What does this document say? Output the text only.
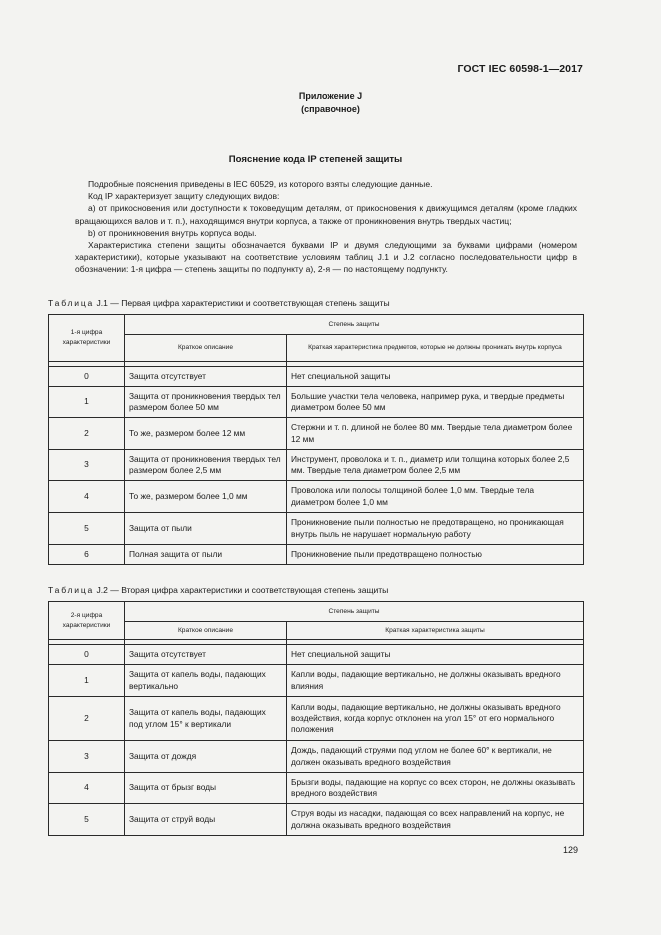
ГОСТ IEC 60598-1—2017
Приложение J
(справочное)
Пояснение кода IP степеней защиты

Подробные пояснения приведены в IEC 60529, из которого взяты следующие данные.

Код IP характеризует защиту следующих видов:

а) от прикосновения или доступности к токоведущим деталям, от прикосновения к движущимся деталям (кроме гладких вращающихся валов и т. п.), находящимся внутри корпуса, а также от проникновения внутрь твердых частиц;

b) от проникновения внутрь корпуса воды.

Характеристика степени защиты обозначается буквами IP и двумя следующими за буквами цифрами (номером характеристики), которые указывают на соответствие условиям таблиц J.1 и J.2 согласно последовательности цифр в обозначении: 1-я цифра — степень защиты по подпункту а), 2-я — по настоящему подпункту.

Таблица J.1 — Первая цифра характеристики и соответствующая степень защиты
1-я цифра характеристики	Степень защиты	
	Краткое описание	Краткая характеристика предметов, которые не должны проникать внутрь корпуса

0	Защита отсутствует	Нет специальной защиты
1	Защита от проникновения твердых тел размером более 50 мм	Большие участки тела человека, например рука, и твердые предметы диаметром более 50 мм
2	То же, размером более 12 мм	Стержни и т. п. длиной не более 80 мм. Твердые тела диаметром более 12 мм
3	Защита от проникновения твердых тел размером более 2,5 мм	Инструмент, проволока и т. п., диаметр или толщина которых более 2,5 мм. Твердые тела диаметром более 2,5 мм
4	То же, размером более 1,0 мм	Проволока или полосы толщиной более 1,0 мм. Твердые тела диаметром более 1,0 мм
5	Защита от пыли	Проникновение пыли полностью не предотвращено, но проникающая внутрь пыль не нарушает нормальную работу
6	Полная защита от пыли	Проникновение пыли предотвращено полностью
Таблица J.2 — Вторая цифра характеристики и соответствующая степень защиты
2-я цифра характеристики	Степень защиты	
	Краткое описание	Краткая характеристика защиты

0	Защита отсутствует	Нет специальной защиты
1	Защита от капель воды, падающих вертикально	Капли воды, падающие вертикально, не должны оказывать вредного влияния
2	Защита от капель воды, падающих под углом 15° к вертикали	Капли воды, падающие вертикально, не должны оказывать вредного воздействия, когда корпус отклонен на угол 15° от его нормального положения
3	Защита от дождя	Дождь, падающий струями под углом не более 60° к вертикали, не должен оказывать вредного воздействия
4	Защита от брызг воды	Брызги воды, падающие на корпус со всех сторон, не должны оказывать вредного воздействия
5	Защита от струй воды	Струя воды из насадки, падающая со всех направлений на корпус, не должна оказывать вредного воздействия
129
